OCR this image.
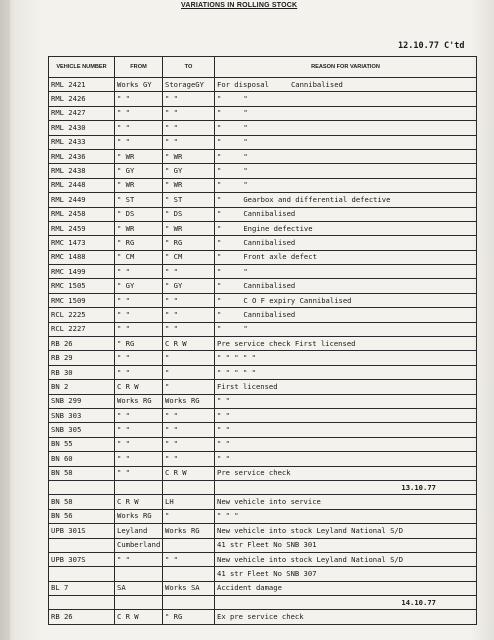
VARIATIONS IN ROLLING STOCK
12.10.77 C'td
VEHICLE NUMBER	FROM	TO	REASON FOR VARIATION
RML 2421	Works GY	StorageGY	For disposal Cannibalised
RML 2426	" "	" "	" "
RML 2427	" "	" "	" "
RML 2430	" "	" "	" "
RML 2433	" "	" "	" "
RML 2436	" WR	" WR	" "
RML 2438	" GY	" GY	" "
RML 2448	" WR	" WR	" "
RML 2449	" ST	" ST	" Gearbox and differential defective
RML 2458	" DS	" DS	" Cannibalised
RML 2459	" WR	" WR	" Engine defective
RMC 1473	" RG	" RG	" Cannibalised
RMC 1488	" CM	" CM	" Front axle defect
RMC 1499	" "	" "	" "
RMC 1505	" GY	" GY	" Cannibalised
RMC 1509	" "	" "	" C O F expiry Cannibalised
RCL 2225	" "	" "	" Cannibalised
RCL 2227	" "	" "	" "
RB 26	" RG	C R W	Pre service check First licensed
RB 29	" "	"	" " " " "
RB 30	" "	"	" " " " "
BN 2	C R W	"	First licensed
SNB 299	Works RG	Works RG	" "
SNB 303	" "	" "	" "
SNB 305	" "	" "	" "
BN 55	" "	" "	" "
BN 60	" "	" "	" "
BN 58	" "	C R W	Pre service check
			13.10.77
BN 58	C R W	LH	New vehicle into service
BN 56	Works RG	"	" " "
UPB 301S	Leyland	Works RG	New vehicle into stock Leyland National S/D
	Cumberland		41 str Fleet No SNB 301
UPB 307S	" "	" "	New vehicle into stock Leyland National S/D
			41 str Fleet No SNB 307
BL 7	SA	Works SA	Accident damage
			14.10.77
RB 26	C R W	" RG	Ex pre service check
